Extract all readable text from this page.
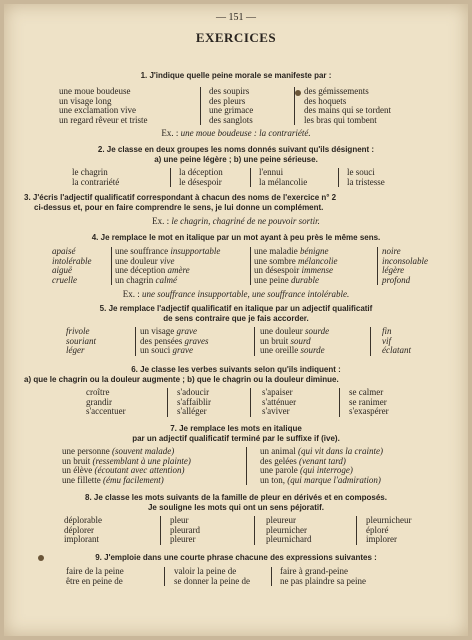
— 151 —
EXERCICES
1. J'indique quelle peine morale se manifeste par :
une moue boudeuse
un visage long
une exclamation vive
un regard rêveur et triste
des soupirs
des pleurs
une grimace
des sanglots
des gémissements
des hoquets
des mains qui se tordent
les bras qui tombent
Ex. : une moue boudeuse : la contrariété.
2. Je classe en deux groupes les noms donnés suivant qu'ils désignent :
a) une peine légère ; b) une peine sérieuse.
le chagrin
la contrariété
la déception
le désespoir
l'ennui
la mélancolie
le souci
la tristesse
3. J'écris l'adjectif qualificatif correspondant à chacun des noms de l'exercice n° 2
ci-dessus et, pour en faire comprendre le sens, je lui donne un complément.
Ex. : le chagrin, chagriné de ne pouvoir sortir.
4. Je remplace le mot en italique par un mot ayant à peu près le même sens.
apaisé
intolérable
aiguë
cruelle
une souffrance insupportable
une douleur vive
une déception amère
un chagrin calmé
une maladie bénigne
une sombre mélancolie
un désespoir immense
une peine durable
noire
inconsolable
légère
profond
Ex. : une souffrance insupportable, une souffrance intolérable.
5. Je remplace l'adjectif qualificatif en italique par un adjectif qualificatif
de sens contraire que je fais accorder.
frivole
souriant
léger
un visage grave
des pensées graves
un souci grave
une douleur sourde
un bruit sourd
une oreille sourde
fin
vif
éclatant
6. Je classe les verbes suivants selon qu'ils indiquent :
a) que le chagrin ou la douleur augmente ; b) que le chagrin ou la douleur diminue.
croître
grandir
s'accentuer
s'adoucir
s'affaiblir
s'alléger
s'apaiser
s'atténuer
s'aviver
se calmer
se ranimer
s'exaspérer
7. Je remplace les mots en italique
par un adjectif qualificatif terminé par le suffixe if (ive).
une personne (souvent malade)
un bruit (ressemblant à une plainte)
un élève (écoutant avec attention)
une fillette (ému facilement)
un animal (qui vit dans la crainte)
des gelées (venant tard)
une parole (qui interroge)
un ton, (qui marque l'admiration)
8. Je classe les mots suivants de la famille de pleur en dérivés et en composés.
Je souligne les mots qui ont un sens péjoratif.
déplorable
déplorer
implorant
pleur
pleurard
pleurer
pleureur
pleurnicher
pleurnichard
pleurnicheur
éploré
implorer
9. J'emploie dans une courte phrase chacune des expressions suivantes :
faire de la peine
être en peine de
valoir la peine de
se donner la peine de
faire à grand-peine
ne pas plaindre sa peine
